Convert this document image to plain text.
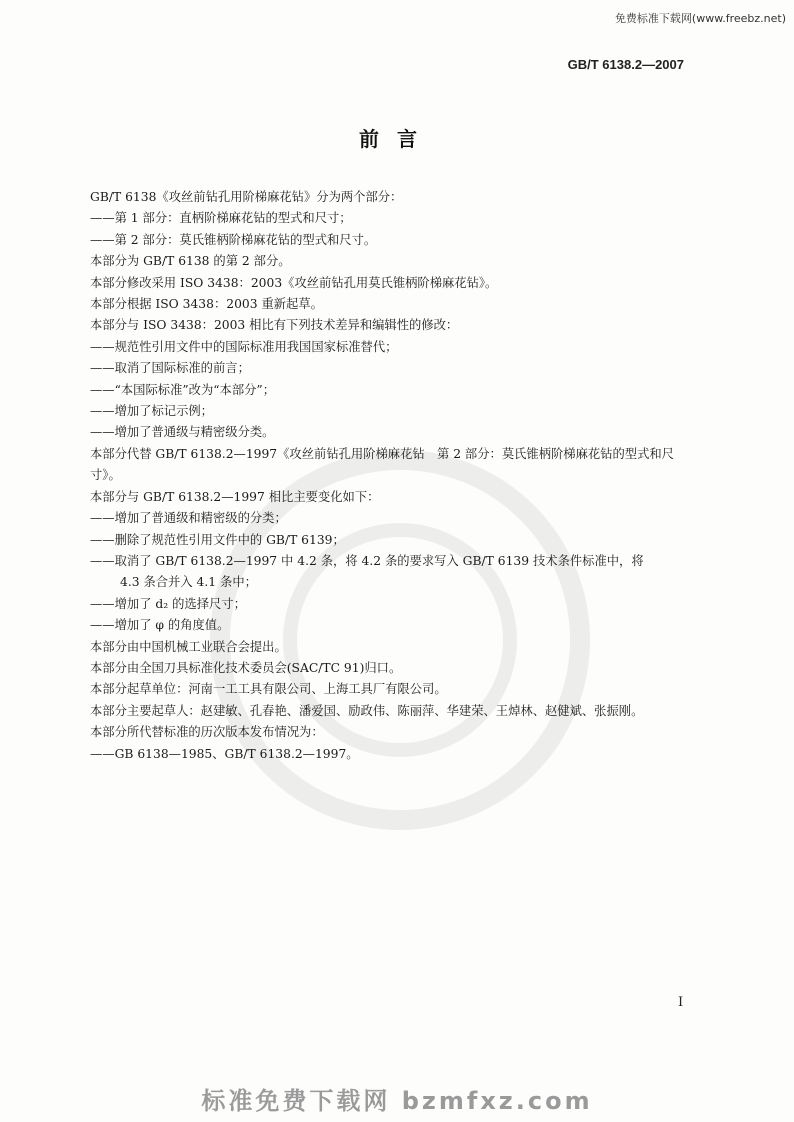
免费标准下载网(www.freebz.net)
GB/T 6138.2—2007
前言

GB/T 6138《攻丝前钻孔用阶梯麻花钻》分为两个部分：

——第 1 部分：直柄阶梯麻花钻的型式和尺寸；

——第 2 部分：莫氏锥柄阶梯麻花钻的型式和尺寸。

本部分为 GB/T 6138 的第 2 部分。

本部分修改采用 ISO 3438：2003《攻丝前钻孔用莫氏锥柄阶梯麻花钻》。

本部分根据 ISO 3438：2003 重新起草。

本部分与 ISO 3438：2003 相比有下列技术差异和编辑性的修改：

——规范性引用文件中的国际标准用我国国家标准替代；

——取消了国际标准的前言；

——“本国际标准”改为“本部分”；

——增加了标记示例；

——增加了普通级与精密级分类。

本部分代替 GB/T 6138.2—1997《攻丝前钻孔用阶梯麻花钻　第 2 部分：莫氏锥柄阶梯麻花钻的型式和尺寸》。

本部分与 GB/T 6138.2—1997 相比主要变化如下：

——增加了普通级和精密级的分类；

——删除了规范性引用文件中的 GB/T 6139；

——取消了 GB/T 6138.2—1997 中 4.2 条，将 4.2 条的要求写入 GB/T 6139 技术条件标准中，将

4.3 条合并入 4.1 条中；

——增加了 d₂ 的选择尺寸；

——增加了 φ 的角度值。

本部分由中国机械工业联合会提出。

本部分由全国刀具标准化技术委员会(SAC/TC 91)归口。

本部分起草单位：河南一工工具有限公司、上海工具厂有限公司。

本部分主要起草人：赵建敏、孔春艳、潘爱国、励政伟、陈丽萍、华建荣、王焯林、赵健斌、张振刚。

本部分所代替标准的历次版本发布情况为：

——GB 6138—1985、GB/T 6138.2—1997。

I
标准免费下载网 bzmfxz.com
